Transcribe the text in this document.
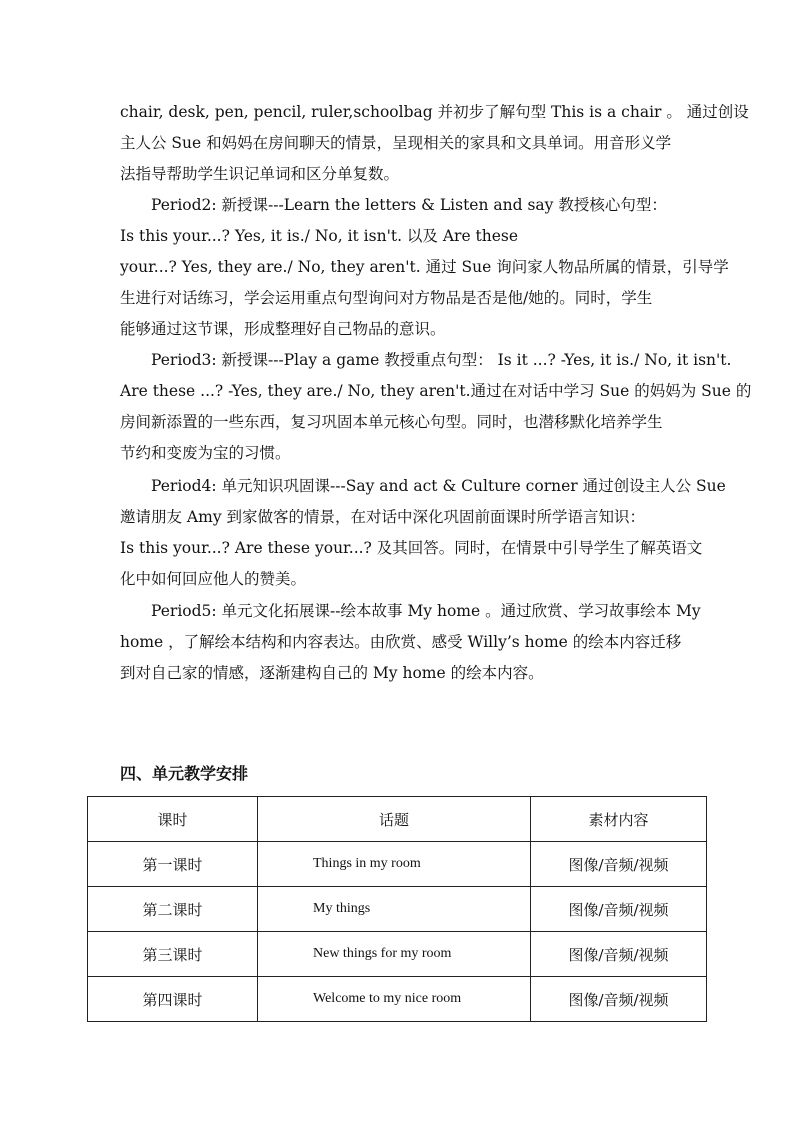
chair, desk, pen, pencil, ruler,schoolbag 并初步了解句型 This is a chair 。 通过创设
主人公 Sue 和妈妈在房间聊天的情景，呈现相关的家具和文具单词。用音形义学
法指导帮助学生识记单词和区分单复数。
Period2: 新授课---Learn the letters & Listen and say 教授核心句型：
Is this your...? Yes, it is./ No, it isn't. 以及 Are these
your...? Yes, they are./ No, they aren't. 通过 Sue 询问家人物品所属的情景，引导学
生进行对话练习，学会运用重点句型询问对方物品是否是他/她的。同时，学生
能够通过这节课，形成整理好自己物品的意识。
Period3: 新授课---Play a game 教授重点句型： Is it ...? -Yes, it is./ No, it isn't.
Are these ...? -Yes, they are./ No, they aren't.通过在对话中学习 Sue 的妈妈为 Sue 的
房间新添置的一些东西，复习巩固本单元核心句型。同时，也潜移默化培养学生
节约和变废为宝的习惯。
Period4: 单元知识巩固课---Say and act & Culture corner 通过创设主人公 Sue
邀请朋友 Amy 到家做客的情景，在对话中深化巩固前面课时所学语言知识：
Is this your...? Are these your...? 及其回答。同时，在情景中引导学生了解英语文
化中如何回应他人的赞美。
Period5: 单元文化拓展课--绘本故事 My home 。通过欣赏、学习故事绘本 My
home ，了解绘本结构和内容表达。由欣赏、感受 Willy’s home 的绘本内容迁移
到对自己家的情感，逐渐建构自己的 My home 的绘本内容。
四、单元教学安排
课时	话题	素材内容
第一课时	Things in my room	图像/音频/视频
第二课时	My things	图像/音频/视频
第三课时	New things for my room	图像/音频/视频
第四课时	Welcome to my nice room	图像/音频/视频
